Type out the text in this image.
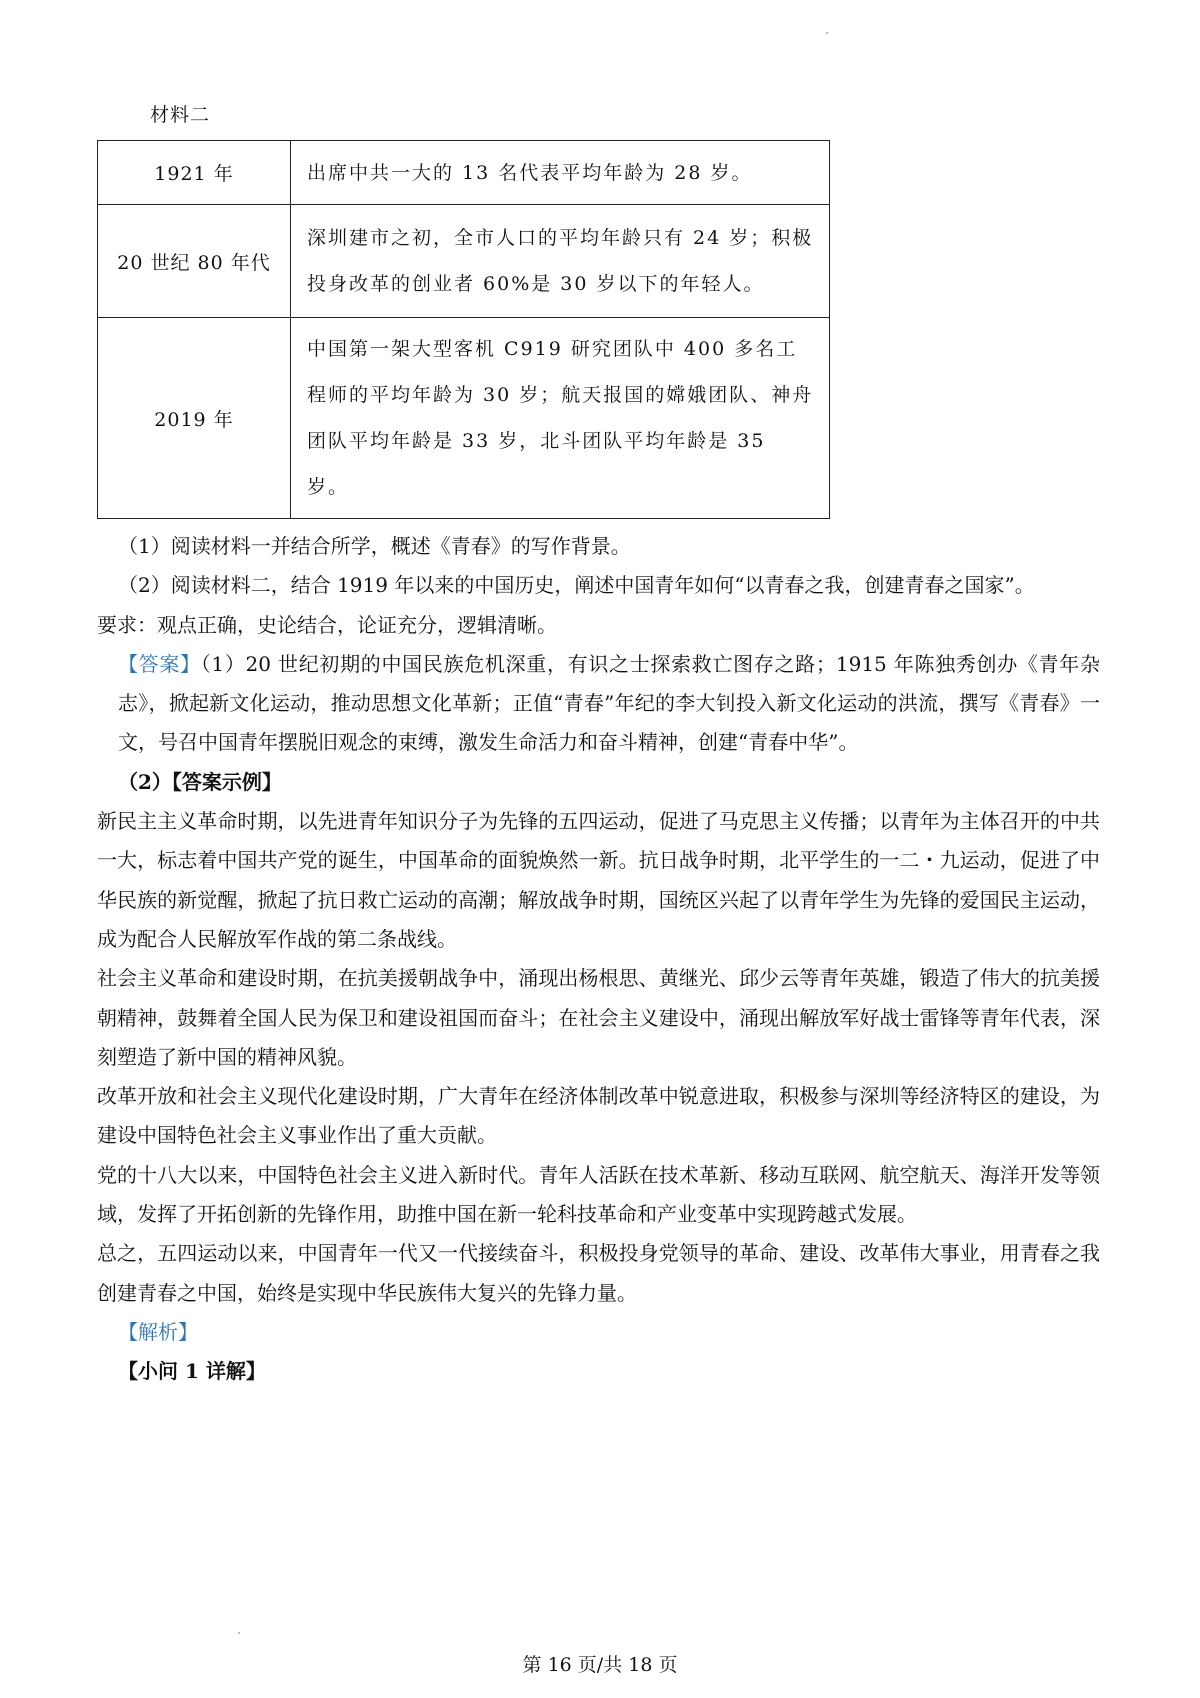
材料二
1921 年	出席中共一大的 13 名代表平均年龄为 28 岁。
20 世纪 80 年代	深圳建市之初，全市人口的平均年龄只有 24 岁；积极投身改革的创业者 60%是 30 岁以下的年轻人。
2019 年	中国第一架大型客机 C919 研究团队中 400 多名工程师的平均年龄为 30 岁；航天报国的嫦娥团队、神舟团队平均年龄是 33 岁，北斗团队平均年龄是 35 岁。

（1）阅读材料一并结合所学，概述《青春》的写作背景。

（2）阅读材料二，结合 1919 年以来的中国历史，阐述中国青年如何“以青春之我，创建青春之国家”。

要求：观点正确，史论结合，论证充分，逻辑清晰。

【答案】（1）20 世纪初期的中国民族危机深重，有识之士探索救亡图存之路；1915 年陈独秀创办《青年杂志》，掀起新文化运动，推动思想文化革新；正值“青春”年纪的李大钊投入新文化运动的洪流，撰写《青春》一文，号召中国青年摆脱旧观念的束缚，激发生命活力和奋斗精神，创建“青春中华”。

（2）【答案示例】

新民主主义革命时期，以先进青年知识分子为先锋的五四运动，促进了马克思主义传播；以青年为主体召开的中共一大，标志着中国共产党的诞生，中国革命的面貌焕然一新。抗日战争时期，北平学生的一二・九运动，促进了中华民族的新觉醒，掀起了抗日救亡运动的高潮；解放战争时期，国统区兴起了以青年学生为先锋的爱国民主运动，成为配合人民解放军作战的第二条战线。

社会主义革命和建设时期，在抗美援朝战争中，涌现出杨根思、黄继光、邱少云等青年英雄，锻造了伟大的抗美援朝精神，鼓舞着全国人民为保卫和建设祖国而奋斗；在社会主义建设中，涌现出解放军好战士雷锋等青年代表，深刻塑造了新中国的精神风貌。

改革开放和社会主义现代化建设时期，广大青年在经济体制改革中锐意进取，积极参与深圳等经济特区的建设，为建设中国特色社会主义事业作出了重大贡献。

党的十八大以来，中国特色社会主义进入新时代。青年人活跃在技术革新、移动互联网、航空航天、海洋开发等领域，发挥了开拓创新的先锋作用，助推中国在新一轮科技革命和产业变革中实现跨越式发展。

总之，五四运动以来，中国青年一代又一代接续奋斗，积极投身党领导的革命、建设、改革伟大事业，用青春之我创建青春之中国，始终是实现中华民族伟大复兴的先锋力量。

【解析】

【小问 1 详解】

第 16 页/共 18 页
